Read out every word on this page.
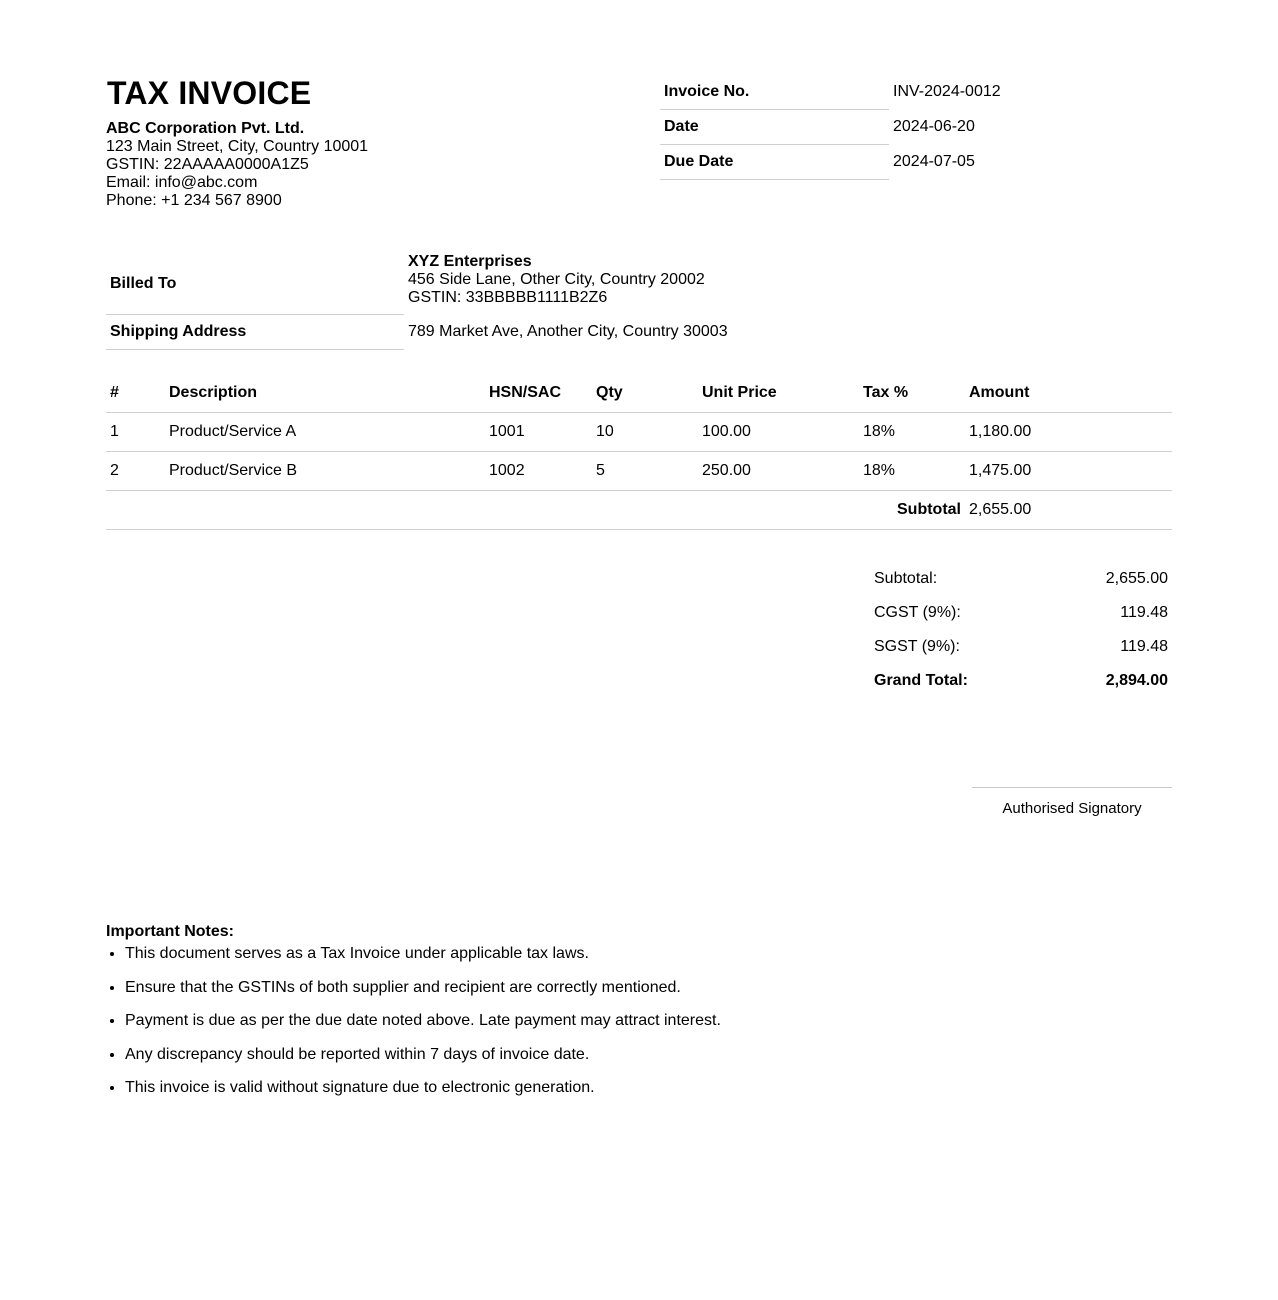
TAX INVOICE
ABC Corporation Pvt. Ltd.
123 Main Street, City, Country 10001
GSTIN: 22AAAAA0000A1Z5
Email: info@abc.com
Phone: +1 234 567 8900
Invoice No.	INV-2024-0012
Date	2024-06-20
Due Date	2024-07-05
Billed To	XYZ Enterprises
456 Side Lane, Other City, Country 20002
GSTIN: 33BBBBB1111B2Z6

Shipping Address	789 Market Ave, Another City, Country 30003
#	Description	HSN/SAC	Qty	Unit Price	Tax %	Amount
1	Product/Service A	1001	10	100.00	18%	1,180.00
2	Product/Service B	1002	5	250.00	18%	1,475.00
Subtotal						2,655.00
Subtotal:	2,655.00
CGST (9%):	119.48
SGST (9%):	119.48
Grand Total:	2,894.00
Authorised Signatory
Important Notes:
• This document serves as a Tax Invoice under applicable tax laws.
• Ensure that the GSTINs of both supplier and recipient are correctly mentioned.
• Payment is due as per the due date noted above. Late payment may attract interest.
• Any discrepancy should be reported within 7 days of invoice date.
• This invoice is valid without signature due to electronic generation.
